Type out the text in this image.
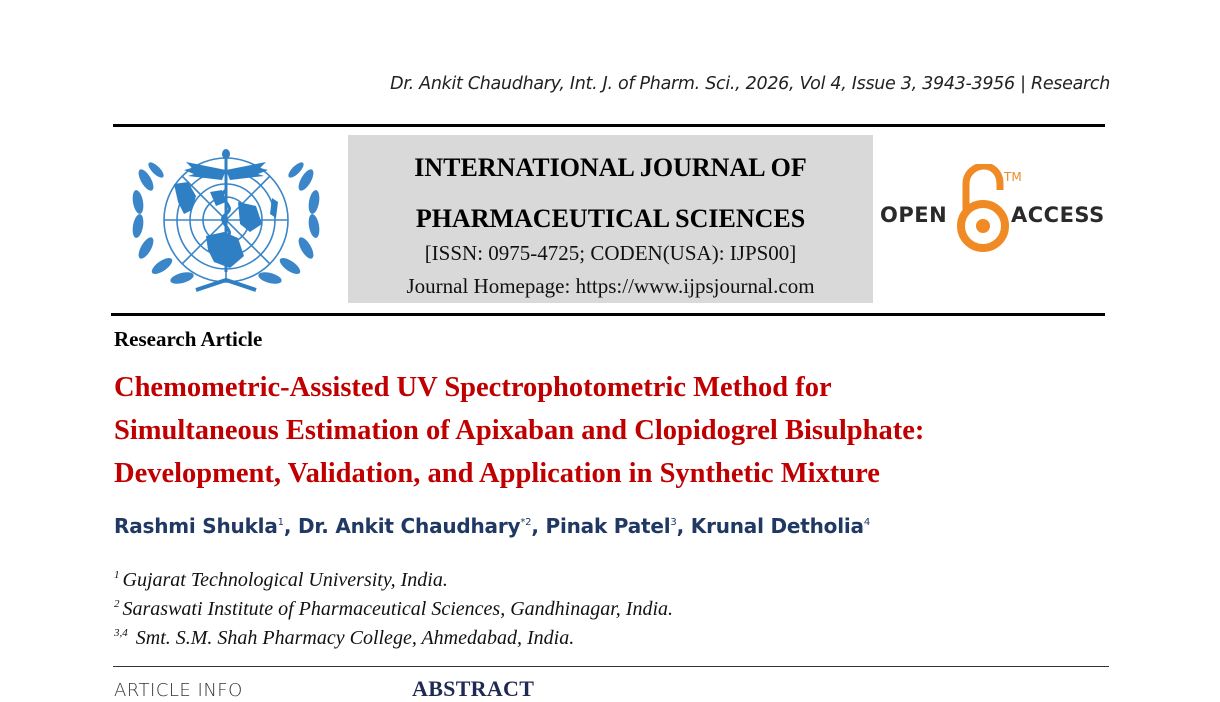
Dr. Ankit Chaudhary, Int. J. of Pharm. Sci., 2026, Vol 4, Issue 3, 3943-3956 | Research
INTERNATIONAL JOURNAL OF
PHARMACEUTICAL SCIENCES
[ISSN: 0975-4725; CODEN(USA): IJPS00]
Journal Homepage: https://www.ijpsjournal.com
OPEN
TM
ACCESS
Research Article
Chemometric-Assisted UV Spectrophotometric Method for
Simultaneous Estimation of Apixaban and Clopidogrel Bisulphate:
Development, Validation, and Application in Synthetic Mixture
Rashmi Shukla$^1$, Dr. Ankit Chaudhary$^{*2}$, Pinak Patel$^3$, Krunal Detholia$^4$
$^1$ Gujarat Technological University, India.
$^2$ Saraswati Institute of Pharmaceutical Sciences, Gandhinagar, India.
$^{3,4}$ Smt. S.M. Shah Pharmacy College, Ahmedabad, India.
ARTICLE INFO	ABSTRACT
